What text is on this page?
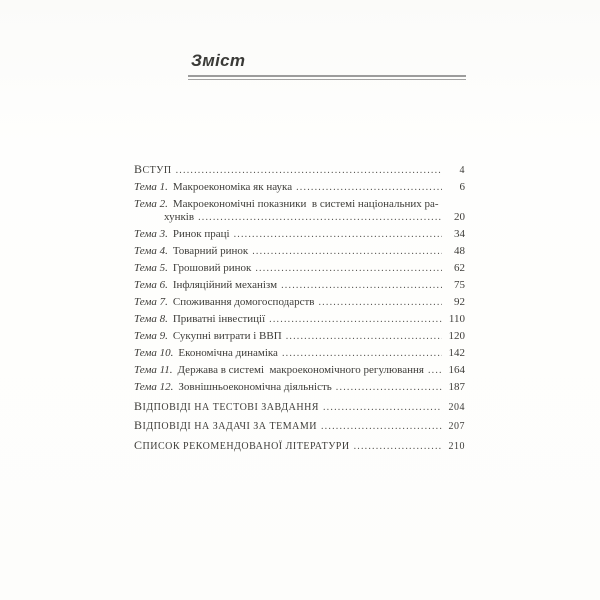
Зміст
ВСТУП .....	4
Тема 1. Макроекономіка як наука .....	6
Тема 2. Макроекономічні показники  в системі національних ра-
хунків .....	20
Тема 3. Ринок праці .....	34
Тема 4. Товарний ринок .....	48
Тема 5. Грошовий ринок .....	62
Тема 6. Інфляційний механізм .....	75
Тема 7. Споживання домогосподарств .....	92
Тема 8. Приватні інвестиції .....	110
Тема 9. Сукупні витрати і ВВП .....	120
Тема 10. Економічна динаміка .....	142
Тема 11. Держава в системі  макроекономічного регулювання .....	164
Тема 12. Зовнішньоекономічна діяльність .....	187
ВІДПОВІДІ НА ТЕСТОВІ ЗАВДАННЯ .....	204
ВІДПОВІДІ НА ЗАДАЧІ ЗА ТЕМАМИ .....	207
СПИСОК РЕКОМЕНДОВАНОЇ ЛІТЕРАТУРИ .....	210
